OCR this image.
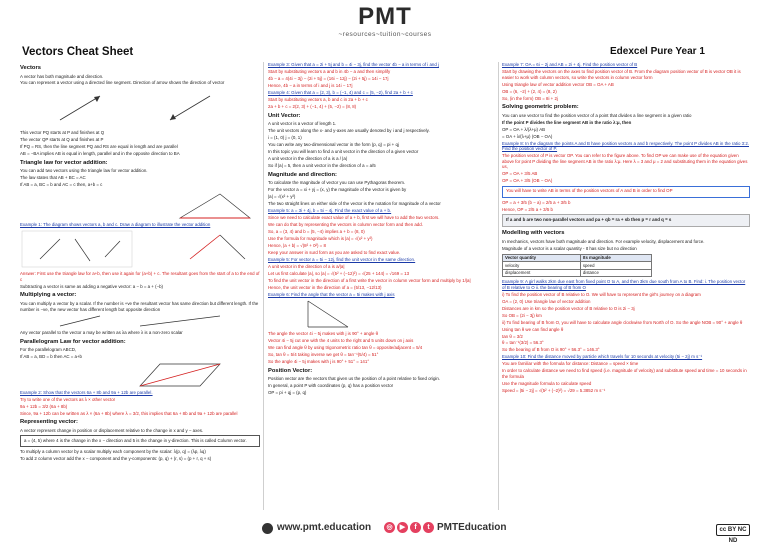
PMT
~resources~tuition~courses
Vectors Cheat Sheet	Edexcel Pure Year 1
Vectors

A vector has both magnitude and direction.

You can represent a vector using a directed line segment. Direction of arrow shows the direction of vector

This vector PQ starts at P and finishes at Q

The vector QP starts at Q and finishes at P

If PQ = RS, then the line segment PQ and RS are equal in length and are parallel

AB = −BA implies AB is equal in length, parallel and in the opposite direction to BA

Triangle law for vector addition:

You can add two vectors using the triangle law for vector addition.

The law states that AB + BC = AC

If AB = a, BC = b and AC = c then, a+b = c

Example 1: The diagram shows vectors a, b and c. Draw a diagram to illustrate the vector addition

Answer: First use the triangle law for a+b, then use it again for (a+b) + c. The resultant goes from the start of a to the end of c

Subtracting a vector is same as adding a negative vector: a − b = a + (−b)

Multiplying a vector:

You can multiply a vector by a scalar. If the number is +ve the resultant vector has same direction but different length. If the number is −ve, the new vector has different length but opposite direction

Any vector parallel to the vector a may be written as λa where λ is a non-zero scalar

Parallelogram Law for vector addition:

For the parallelogram ABCD,

If AB = a, BD = b then AC = a+b

Example 2: Show that the vectors 6a + 8b and 9a + 12b are parallel.

Try to write one of the vectors as λ × other vector

9a + 12b = 3/2 (6a + 8b)

Since, 9a + 12b can be written as λ × (6a + 8b) where λ = 3/2, this implies that 6a + 8b and 9a + 12b are parallel

Representing vector:

A vector represent change in position or displacement relative to the change in x and y − axes.

a = (4, 5) where 4 is the change in the x − direction and 5 is the change in y-direction. This is called Column vector.

To multiply a column vector by a scalar multiply each component by the scalar: λ(p, q) = (λp, λq)

To add 2 column vector add the x − component and the y-components: (p, q) + (r, s) = (p + r, q + s)

Example 3: Given that a = 2i + 5j and b = 4i − 3j, find the vector 4b − a in terms of i and j

Start by substituting vectors a and b in 4b − a and then simplify

4b − a = 4(4i − 3j) − (2i + 5j) = (16i − 12j) − (2i + 5j) = 14i − 17j

Hence, 4b − a in terms of i and j is 14i − 17j

Example 4: Given that a = (2, 3), b = (−1, 4) and c = (5, −2), find 2a + b + c

Start by substituting vectors a, b and c in 2a + b + c

2a + b + c = 2(2, 3) + (−1, 4) + (5, −2) = (8, 8)

Unit Vector:

A unit vector is a vector of length 1.

The unit vectors along the x- and y-axes are usually denoted by i and j respectively.

i = (1, 0) j = (0, 1)

You can write any two-dimensional vector in the form (p, q) = pi + qj

In this topic you will learn to find a unit vector in the direction of a given vector

A unit vector in the direction of a is a / |a|

So if |a| = 5, then a unit vector in the direction of a = a/5

Magnitude and direction:

To calculate the magnitude of vector you can use Pythagoras theorem.

For the vector a = xi + yj = (x, y) the magnitude of the vector is given by

|a| = √(x² + y²)

The two straight lines on either side of the vector is the notation for magnitude of a vector

Example 5: a = 3i + 4j, b = 5i − 4j. Find the exact value of a + b.

Since we need to calculate exact value of a + b, first we will have to add the two vectors.

We can do that by representing the vectors in column vector form and then add.

So, a = (3, 4) and b = (5, −4) implies a + b = (8, 0)

Use the formula for magnitude which is |a| = √(x² + y²)

Hence, |a + b| = √(8² + 0²) = 8

Keep your answer in surd form as you are asked to find exact value.

Example 5: For vector a = 5i − 12j, find the unit vector in the same direction.

A unit vector in the direction of a is a/|a|

Let us first calculate |a|, so |a| = √(5² + (−12)²) = √(25 + 144) = √169 = 13

To find the unit vector in the direction of a first write the vector in column vector form and multiply by 1/|a|

Hence, the unit vector in the direction of a = (5/13, −12/13)

Example 6: Find the angle that the vector a = 5i makes with j axis

The angle the vector 4i − 5j makes with j is 90° + angle θ

Vector 4i − 5j cut one with the 4 units to the right and 5 units down on j axis

We can find angle θ by using trigonometric ratio tan θ = opposite/adjacent = 5/4

So, tan θ = 5/4 taking inverse we get θ = tan⁻¹(5/4) = 51°

So the angle 4i − 5j makes with j is 90° + 51° = 141°

Position Vector:

Position vector are the vectors that given us the position of a point relative to fixed origin.

In general, a point P with coordinates (p, q) has a position vector

OP = pi + qj = (p, q)

Example 7: OA = 6i − 2j and AB = 2i + 4j. Find the position vector of B

Start by drawing the vectors on the axes to find position vector of B. From the diagram position vector of B is vector OB it is easier to work with column vectors, so write the vectors in column vector form

Using triangle law of vector addition vector OB = OA + AB

OB = (6, −2) + (2, 4) = (8, 2)

So, (in the form) OB = 8i + 2j

Solving geometric problem:

You can use vector to find the position vector of a point that divides a line segment in a given ratio

If the point P divides the line segment AB in the ratio λ:μ, then

OP = OA + λ/(λ+μ) AB

= OA + λ/(λ+μ) (OB − OA)

Example 8: In the diagram the points A and B have position vectors a and b respectively. The point P divides AB in the ratio 3:2. Find the position vector of P.

The position vector of P is vector OP. You can refer to the figure above. To find OP we can make use of the equation given above for point P dividing the line segment AB in the ratio λ:μ. Here λ = 3 and μ = 2 and substituting them in the equation gives us,

OP = OA + 3/5 AB

OP = OA + 3/5 (OB − OA)

You will have to write AB in terms of the position vectors of A and B in order to find OP

OP = a + 3/5 (b − a) = 2/5 a + 3/5 b

Hence, OP = 2/5 a + 3/5 b

If a and b are two non-parallel vectors and pa + qb = ra + sb then p = r and q = s

Modelling with vectors

In mechanics, vectors have both magnitude and direction. For example velocity, displacement and force.

Magnitude of a vector is a scalar quantity - It has size but no direction

Vector quantity	Its magnitude
velocity	speed
displacement	distance

Example 9: A girl walks 2km due east from fixed point O to A, and then 3km due south from A to B. Find: i. The position vector of B relative to O ii. the bearing of B from O

i) To find the position vector of B relative to O. We will have to represent the girl's journey on a diagram

OA = (2, 0) Use triangle law of vector addition

Distances are in km so the position vector of B relative to O is 2i − 3j

So OB = (2i − 3j) km

ii) To find bearing of B from O, you will have to calculate angle clockwise from North of O. So the angle NOB = 90° + angle θ

Using tan θ we can find angle θ

tan θ = 3/2

θ = tan⁻¹(3/2) = 56.3°

So the bearing of B from O is 90° + 56.3° = 146.3°

Example 10: Find the distance moved by particle which travels for 10 seconds at velocity (5i − 2j) m s⁻¹

You are familiar with the formula for distance: Distance = speed × time

In order to calculate distance we need to find speed (i.e. magnitude of velocity) and substitute speed and time = 10 seconds in the formula

Use the magnitude formula to calculate speed

Speed = |5i − 2j| = √(5² + (−2)²) = √29 = 5.3852 m s⁻¹

www.pmt.education	◎	▶	f	t PMTEducation	cc BY NC ND
